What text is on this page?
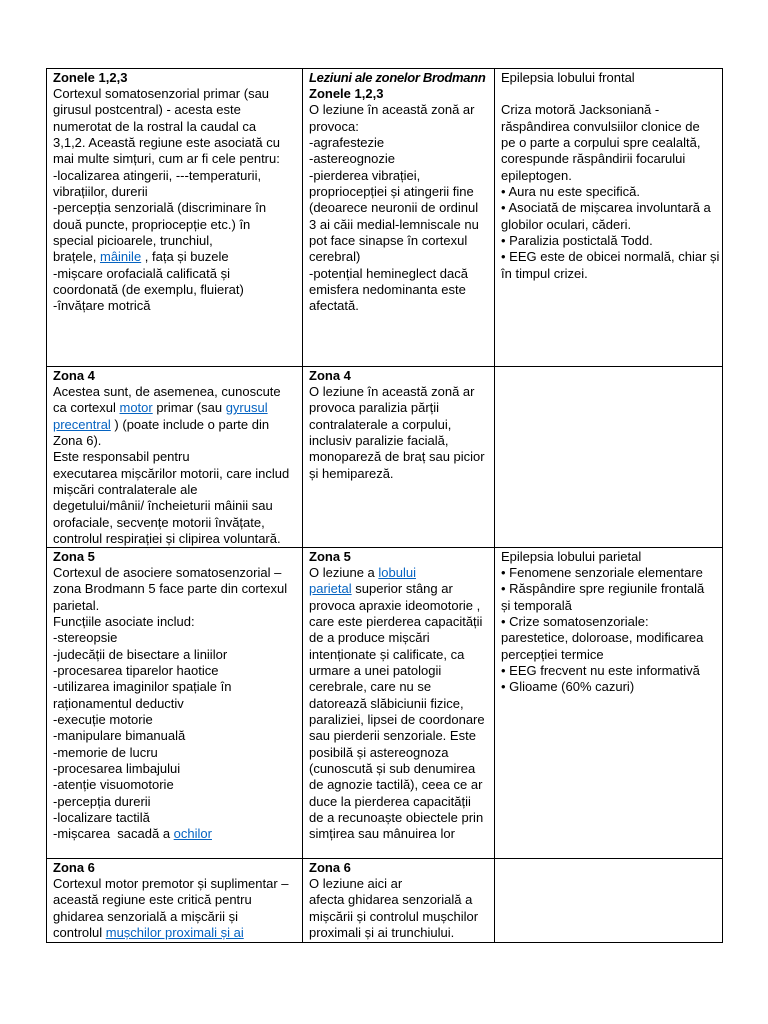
Zonele 1,2,3
Cortexul somatosenzorial primar (sau
girusul postcentral) - acesta este
numerotat de la rostral la caudal ca
3,1,2. Această regiune este asociată cu
mai multe simțuri, cum ar fi cele pentru:
-localizarea atingerii, ---temperaturii,
vibrațiilor, durerii
-percepția senzorială (discriminare în
două puncte, propriocepție etc.) în
special picioarele, trunchiul,
brațele, mâinile , fața și buzele
-mișcare orofacială calificată și
coordonată (de exemplu, fluierat)
-învățare motrică
Leziuni ale zonelor Brodmann
Zonele 1,2,3
O leziune în această zonă ar
provoca:
-agrafestezie
-astereognozie
-pierderea vibrației,
propriocepției și atingerii fine
(deoarece neuronii de ordinul
3 ai căii medial-lemniscale nu
pot face sinapse în cortexul
cerebral)
-potențial hemineglect dacă
emisfera nedominanta este
afectată.
Epilepsia lobului frontal
Criza motoră Jacksoniană -
răspândirea convulsiilor clonice de
pe o parte a corpului spre cealaltă,
corespunde răspândirii focarului
epileptogen.
• Aura nu este specifică.
• Asociată de mișcarea involuntară a
globilor oculari, căderi.
• Paralizia postictală Todd.
• EEG este de obicei normală, chiar și
în timpul crizei.
Zona 4
Acestea sunt, de asemenea, cunoscute
ca cortexul motor primar (sau gyrusul
precentral ) (poate include o parte din
Zona 6).
Este responsabil pentru
executarea mișcărilor motorii, care includ
mișcări contralaterale ale
degetului/mânii/ încheieturii mâinii sau
orofaciale, secvențe motorii învățate,
controlul respirației și clipirea voluntară.
Zona 4
O leziune în această zonă ar
provoca paralizia părții
contralaterale a corpului,
inclusiv paralizie facială,
monopareză de braț sau picior
și hemipareză.
Zona 5
Cortexul de asociere somatosenzorial –
zona Brodmann 5 face parte din cortexul
parietal.
Funcțiile asociate includ:
-stereopsie
-judecății de bisectare a liniilor
-procesarea tiparelor haotice
-utilizarea imaginilor spațiale în
raționamentul deductiv
-execuție motorie
-manipulare bimanuală
-memorie de lucru
-procesarea limbajului
-atenție visuomotorie
-percepția durerii
-localizare tactilă
-mișcarea  sacadă a ochilor
Zona 5
O leziune a lobului
parietal superior stâng ar
provoca apraxie ideomotorie ,
care este pierderea capacității
de a produce mișcări
intenționate și calificate, ca
urmare a unei patologii
cerebrale, care nu se
datorează slăbiciunii fizice,
paraliziei, lipsei de coordonare
sau pierderii senzoriale. Este
posibilă și astereognoza
(cunoscută și sub denumirea
de agnozie tactilă), ceea ce ar
duce la pierderea capacității
de a recunoaște obiectele prin
simțirea sau mânuirea lor
Epilepsia lobului parietal
• Fenomene senzoriale elementare
• Răspândire spre regiunile frontală
și temporală
• Crize somatosenzoriale:
parestetice, doloroase, modificarea
percepției termice
• EEG frecvent nu este informativă
• Glioame (60% cazuri)
Zona 6
Cortexul motor premotor și suplimentar –
această regiune este critică pentru
ghidarea senzorială a mișcării și
controlul mușchilor proximali și ai
Zona 6
O leziune aici ar
afecta ghidarea senzorială a
mișcării și controlul mușchilor
proximali și ai trunchiului.
